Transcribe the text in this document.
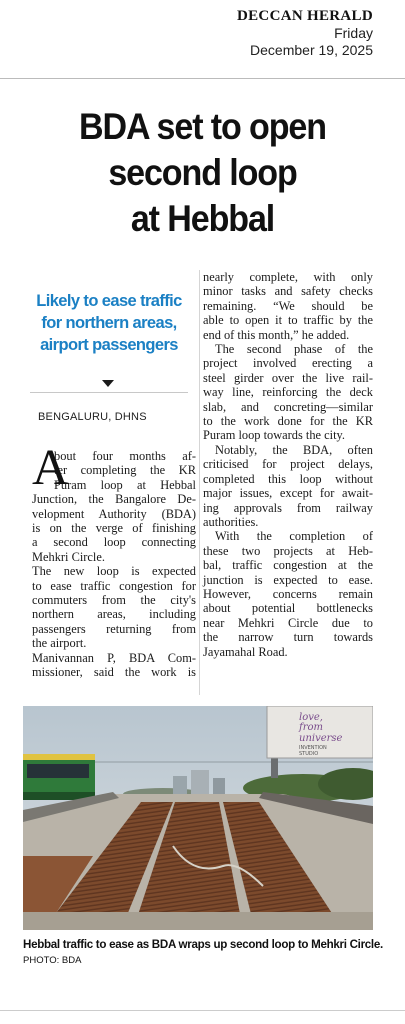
DECCAN HERALD
Friday
December 19, 2025
BDA set to open
second loop
at Hebbal
Likely to ease traffic
for northern areas,
airport passengers
BENGALURU, DHNS
A
bout four months af-
ter completing the KR
Puram loop at Hebbal
Junction, the Bangalore De-
velopment Authority (BDA)
is on the verge of finishing
a second loop connecting
Mehkri Circle.
The new loop is expected
to ease traffic congestion for
commuters from the city's
northern areas, including
passengers returning from
the airport.
Manivannan P, BDA Com-
missioner, said the work is
nearly complete, with only
minor tasks and safety checks
remaining. “We should be
able to open it to traffic by the
end of this month,” he added.
The second phase of the
project involved erecting a
steel girder over the live rail-
way line, reinforcing the deck
slab, and concreting—similar
to the work done for the KR
Puram loop towards the city.
Notably, the BDA, often
criticised for project delays,
completed this loop without
major issues, except for await-
ing approvals from railway
authorities.
With the completion of
these two projects at Heb-
bal, traffic congestion at the
junction is expected to ease.
However, concerns remain
about potential bottlenecks
near Mehkri Circle due to
the narrow turn towards
Jayamahal Road.
love,
from
universe
INVENTION
STUDIO
Hebbal traffic to ease as BDA wraps up second loop to Mehkri Circle. PHOTO: BDA
